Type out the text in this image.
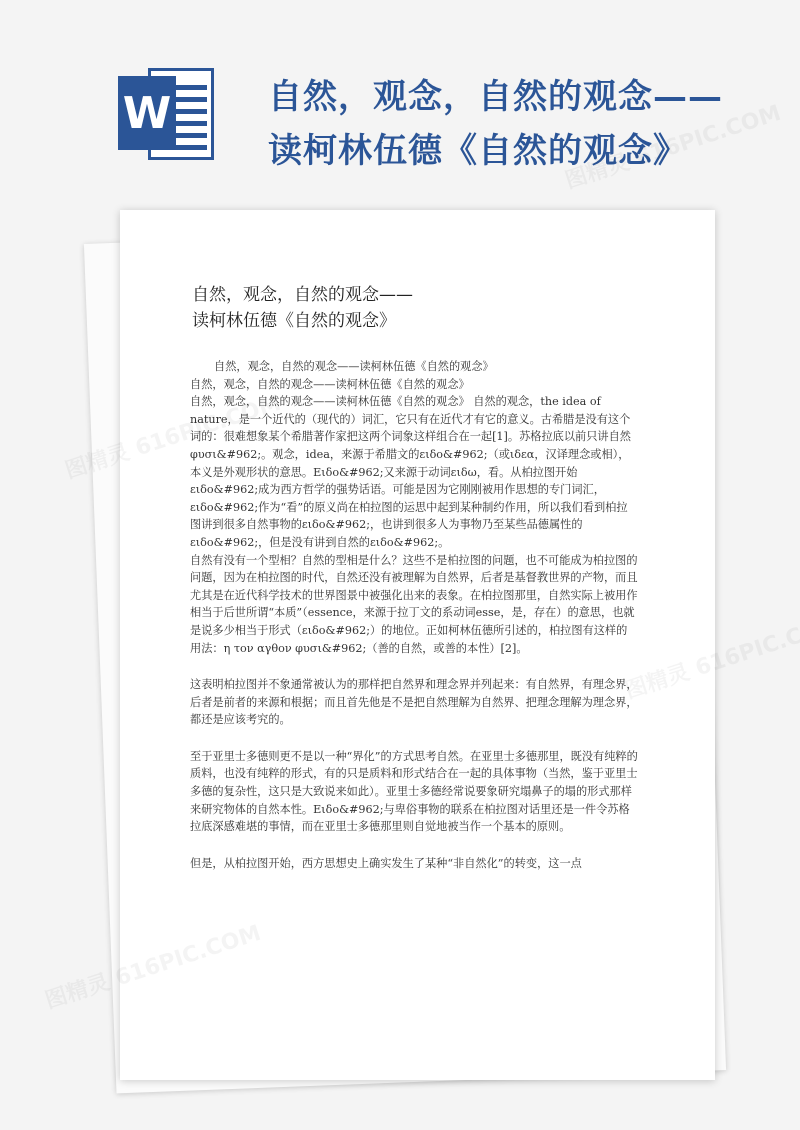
W	自然，观念，自然的观念——
读柯林伍德《自然的观念》
自然，观念，自然的观念——
读柯林伍德《自然的观念》

自然，观念，自然的观念——读柯林伍德《自然的观念》

自然，观念，自然的观念——读柯林伍德《自然的观念》

自然，观念，自然的观念——读柯林伍德《自然的观念》 自然的观念，the idea of nature，是一个近代的（现代的）词汇，它只有在近代才有它的意义。古希腊是没有这个词的：很难想象某个希腊著作家把这两个词象这样组合在一起[1]。苏格拉底以前只讲自然φυσι&#962;。观念，idea，来源于希腊文的ειδο&#962;（或ιδεα，汉译理念或相），本义是外观形状的意思。Ειδο&#962;又来源于动词ειδω，看。从柏拉图开始ειδο&#962;成为西方哲学的强势话语。可能是因为它刚刚被用作思想的专门词汇，ειδο&#962;作为“看”的原义尚在柏拉图的运思中起到某种制约作用，所以我们看到柏拉图讲到很多自然事物的ειδο&#962;，也讲到很多人为事物乃至某些品德属性的ειδο&#962;，但是没有讲到自然的ειδο&#962;。

自然有没有一个型相？自然的型相是什么？这些不是柏拉图的问题，也不可能成为柏拉图的问题，因为在柏拉图的时代，自然还没有被理解为自然界，后者是基督教世界的产物，而且尤其是在近代科学技术的世界图景中被强化出来的表象。在柏拉图那里，自然实际上被用作相当于后世所谓“本质”（essence，来源于拉丁文的系动词esse，是，存在）的意思，也就是说多少相当于形式（ειδο&#962;）的地位。正如柯林伍德所引述的，柏拉图有这样的用法：η τον αγθον φυσι&#962;（善的自然，或善的本性）[2]。

这表明柏拉图并不象通常被认为的那样把自然界和理念界并列起来：有自然界，有理念界，后者是前者的来源和根据；而且首先他是不是把自然理解为自然界、把理念理解为理念界，都还是应该考究的。

至于亚里士多德则更不是以一种“界化”的方式思考自然。在亚里士多德那里，既没有纯粹的质料，也没有纯粹的形式，有的只是质料和形式结合在一起的具体事物（当然，鉴于亚里士多德的复杂性，这只是大致说来如此）。亚里士多德经常说要象研究塌鼻子的塌的形式那样来研究物体的自然本性。Ειδο&#962;与卑俗事物的联系在柏拉图对话里还是一件令苏格拉底深感难堪的事情，而在亚里士多德那里则自觉地被当作一个基本的原则。

但是，从柏拉图开始，西方思想史上确实发生了某种“非自然化”的转变，这一点
